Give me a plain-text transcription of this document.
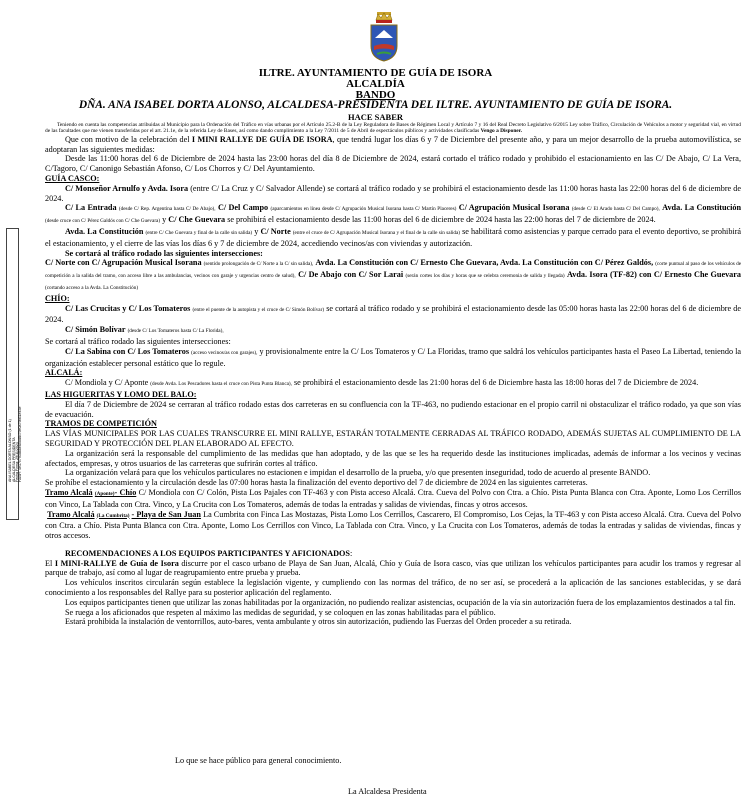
ANA ISABEL DORTA ALONSO (1 de 1) ALCALDESA PRESIDENTA Fecha Firma: 29/11/2024 HASH: 4e17c793d88ea5cd8b79e0a79b61e45e
ILTRE. AYUNTAMIENTO DE GUÍA DE ISORA
ALCALDÍA
BANDO
DÑA. ANA ISABEL DORTA ALONSO, ALCALDESA-PRESIDENTA DEL ILTRE. AYUNTAMIENTO DE GUÍA DE ISORA.
HACE SABER

Teniendo en cuenta las competencias atribuidas al Municipio para la Ordenación del Tráfico en vías urbanas por el Artículo 25.2-B de la Ley Reguladora de Bases de Régimen Local y Artículo 7 y 16 del Real Decreto Legislativo 6/2015 Ley sobre Tráfico, Circulación de Vehículos a motor y seguridad vial, en virtud de las facultades que me vienen transferidas por el art. 21.1e, de la referida Ley de Bases, así como dando cumplimiento a la Ley 7/2011 de 5 de Abril de espectáculos públicos y actividades clasificadas Vengo a Disponer.

Que con motivo de la celebración del I MINI RALLYE DE GUÍA DE ISORA, que tendrá lugar los días 6 y 7 de Diciembre del presente año, y para un mejor desarrollo de la prueba automovilística, se adoptaran las siguientes medidas:

Desde las 11:00 horas del 6 de Diciembre de 2024 hasta las 23:00 horas del día 8 de Diciembre de 2024, estará cortado el tráfico rodado y prohibido el estacionamiento en las C/ De Abajo, C/ La Vera, C/Tagoro, C/ Canonigo Sebastián Afonso, C/ Los Chorros y C/ Del Ayuntamiento.

GUÍA CASCO:

C/ Monseñor Arnulfo y Avda. Isora (entre C/ La Cruz y C/ Salvador Allende) se cortará al tráfico rodado y se prohibirá el estacionamiento desde las 11:00 horas hasta las 22:00 horas del 6 de diciembre de 2024.

C/ La Entrada (desde C/ Rep. Argentina hasta C/ De Abajo), C/ Del Campo (aparcamientos en línea desde C/ Agrupación Musical Isorana hasta C/ Martín Placeres) C/ Agrupación Musical Isorana (desde C/ El Arado hasta C/ Del Campo), Avda. La Constitución (desde cruce con C/ Pérez Galdós con C/ Che Guevara) y C/ Che Guevara se prohibirá el estacionamiento desde las 11:00 horas del 6 de diciembre de 2024 hasta las 22:00 horas del 7 de diciembre de 2024.

Avda. La Constitución (entre C/ Che Guevara y final de la calle sin salida) y C/ Norte (entre el cruce de C/ Agrupación Musical Isorana y el final de la calle sin salida) se habilitará como asistencias y parque cerrado para el evento deportivo, se prohibirá el estacionamiento, y el cierre de las vías los días 6 y 7 de diciembre de 2024, accediendo vecinos/as con viviendas y autorización.

Se cortará al tráfico rodado las siguientes intersecciones:

C/ Norte con C/ Agrupación Musical Isorana (sentido prolongación de C/ Norte a la C/ sin salida), Avda. La Constitución con C/ Ernesto Che Guevara, Avda. La Constitución con C/ Pérez Galdós, (corte puntual al paso de los vehículos de competición a la salida del tramo, con acceso libre a las ambulancias, vecinos con garaje y urgencias centro de salud), C/ De Abajo con C/ Sor Larai (serán cortes los días y horas que se celebra ceremonia de salida y llegada) Avda. Isora (TF-82) con C/ Ernesto Che Guevara (cortando acceso a la Avda. La Constitución)

CHÍO:

C/ Las Crucitas y C/ Los Tomateros (entre el puente de la autopista y el cruce de C/ Simón Bolívar) se cortará al tráfico rodado y se prohibirá el estacionamiento desde las 05:00 horas hasta las 22:00 horas del 6 de diciembre de 2024.

C/ Simón Bolívar (desde C/ Los Tomateros hasta C/ La Florida),

Se cortará al tráfico rodado las siguientes intersecciones:

C/ La Sabina con C/ Los Tomateros (acceso vecinos/as con garajes), y provisionalmente entre la C/ Los Tomateros y C/ La Floridas, tramo que saldrá los vehículos participantes hasta el Paseo La Libertad, teniendo la organización establecer personal estático que lo regule.

ALCALÁ:

C/ Mondiola y C/ Aponte (desde Avda. Los Pescadores hasta el cruce con Pista Punta Blanca), se prohibirá el estacionamiento desde las 21:00 horas del 6 de Diciembre hasta las 18:00 horas del 7 de Diciembre de 2024.

LAS HIGUERITAS Y LOMO DEL BALO:

El día 7 de Diciembre de 2024 se cerraran al tráfico rodado estas dos carreteras en su confluencia con la TF-463, no pudiendo estacionar en el propio carril ni obstaculizar el tráfico rodado, ya que son vías de evacuación.

TRAMOS DE COMPETICIÓN

LAS VÍAS MUNICIPALES POR LAS CUALES TRANSCURRE EL MINI RALLYE, ESTARÁN TOTALMENTE CERRADAS AL TRÁFICO RODADO, ADEMÁS SUJETAS AL CUMPLIMIENTO DE LA SEGURIDAD Y PROTECCIÓN DEL PLAN ELABORADO AL EFECTO.

La organización será la responsable del cumplimiento de las medidas que han adoptado, y de las que se les ha requerido desde las instituciones implicadas, además de informar a los vecinos y vecinas afectados, empresas, y otros usuarios de las carreteras que sufrirán cortes al tráfico.

La organización velará para que los vehículos particulares no estacionen e impidan el desarrollo de la prueba, y/o que presenten inseguridad, todo de acuerdo al presente BANDO.

Se prohíbe el estacionamiento y la circulación desde las 07:00 horas hasta la finalización del evento deportivo del 7 de diciembre de 2024 en las siguientes carreteras.

Tramo Alcalá (Aponte)- Chío C/ Mondiola con C/ Colón, Pista Los Pajales con TF-463 y con Pista acceso Alcalá. Ctra. Cueva del Polvo con Ctra. a Chío. Pista Punta Blanca con Ctra. Aponte, Lomo Los Cerrillos con Vinco, La Tablada con Ctra. Vinco, y La Crucita con Los Tomateros, además de todas la entradas y salidas de viviendas, fincas y otros accesos.

Tramo Alcalá (La Cumbrita) - Playa de San Juan La Cumbrita con Finca Las Mostazas, Pista Lomo Los Cerrillos, Cascarero, El Compromiso, Los Cejas, la TF-463 y con Pista acceso Alcalá. Ctra. Cueva del Polvo con Ctra. a Chío. Pista Punta Blanca con Ctra. Aponte, Lomo Los Cerrillos con Vinco, La Tablada con Ctra. Vinco, y La Crucita con Los Tomateros, además de todas la entradas y salidas de viviendas, fincas y otros accesos.

RECOMENDACIONES A LOS EQUIPOS PARTICIPANTES Y AFICIONADOS:

El I MINI-RALLYE de Guía de Isora discurre por el casco urbano de Playa de San Juan, Alcalá, Chío y Guía de Isora casco, vías que utilizan los vehículos participantes para acudir los tramos y regresar al parque de trabajo, así como al lugar de reagrupamiento entre prueba y prueba.

Los vehículos inscritos circularán según establece la legislación vigente, y cumpliendo con las normas del tráfico, de no ser así, se procederá a la aplicación de las sanciones establecidas, y se dará conocimiento a los responsables del Rallye para su posterior aplicación del reglamento.

Los equipos participantes tienen que utilizar las zonas habilitadas por la organización, no pudiendo realizar asistencias, ocupación de la vía sin autorización fuera de los emplazamientos destinados a tal fin.

Se ruega a los aficionados que respeten al máximo las medidas de seguridad, y se coloquen en las zonas habilitadas para el público.

Estará prohibida la instalación de ventorrillos, auto-bares, venta ambulante y otros sin autorización, pudiendo las Fuerzas del Orden proceder a su retirada.

Lo que se hace público para general conocimiento.
La Alcaldesa Presidenta
